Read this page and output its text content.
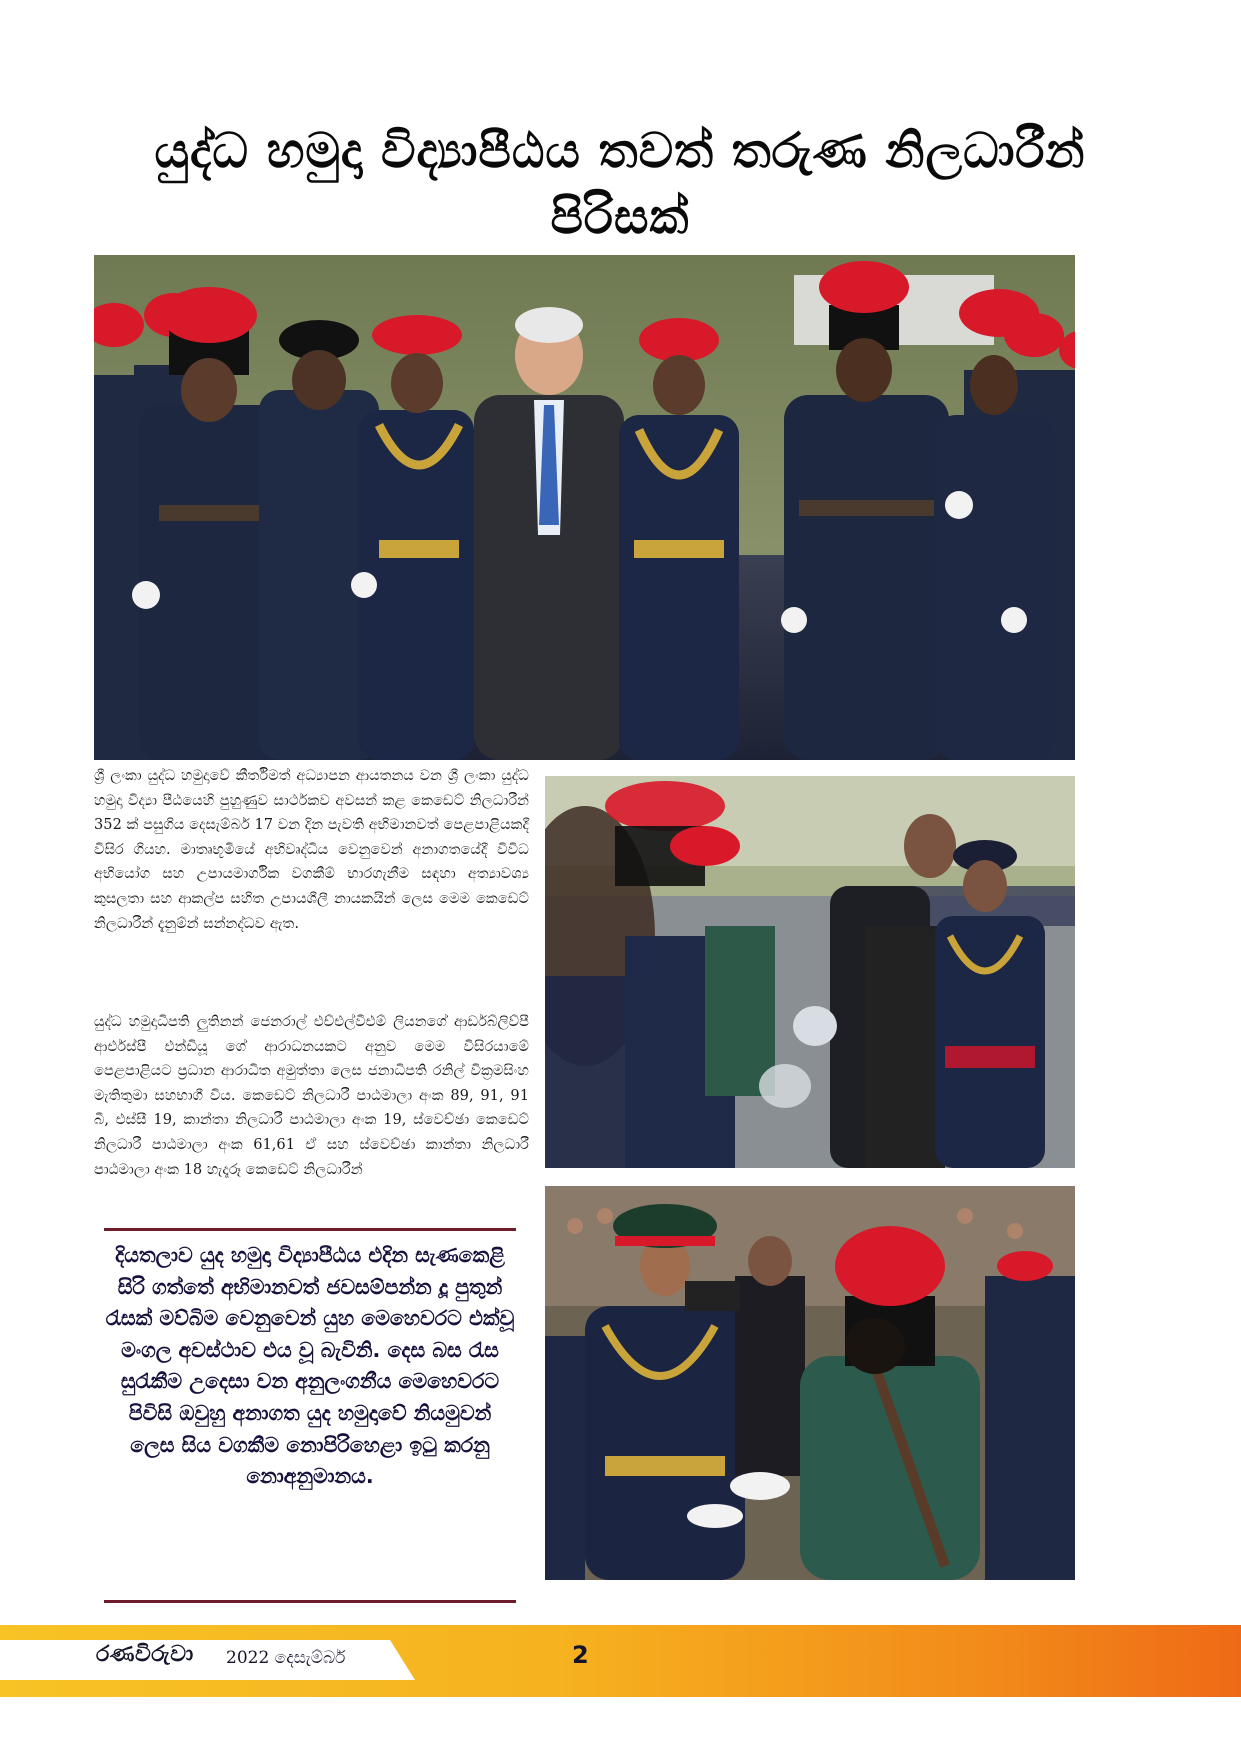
යුද්ධ හමුදා විද්‍යාපීඨය තවත් තරුණ නිලධාරීන් පිරිසක්

ශ්‍රී ලංකා යුද්ධ හමුදාවේ කීර්තිමත් අධ්‍යාපන ආයතනය වන ශ්‍රී ලංකා යුද්ධ හමුදා විද්‍යා පීඨයෙහි පුහුණුව සාර්ථකව අවසන් කළ කෙඩෙට් නිලධාරීන් 352 ක් පසුගිය දෙසැම්බර් 17 වන දින පැවති අභිමානවත් පෙළපාළියකදී විසිර ගියහ. මාතෘභූමියේ අභිවෘද්ධිය වෙනුවෙන් අනාගතයේදී විවිධ අභියෝග සහ උපායමාර්ගික වගකීම් භාරගැනීම සඳහා අත්‍යාවශ්‍ය කුසලතා සහ ආකල්ප සහිත උපායශීලී නායකයින් ලෙස මෙම කෙඩෙට් නිලධාරීන් දැනුම්න් සන්නද්ධව ඇත.

යුද්ධ හමුදාධිපති ලුතිනන් ජෙනරාල් එච්එල්වීඑම් ලියනගේ ආර්ඩබ්ලිව්පී ආර්එස්පී එන්ඩියූ ගේ ආරාධනයකට අනුව මෙම විසිරයාමේ පෙළපාළියට ප්‍රධාන ආරාධිත අමුත්තා ලෙස ජනාධිපති රනිල් වික්‍රමසිංහ මැතිතුමා සහභාගී විය. කෙඩෙට් නිලධාරී පාඨමාලා අංක 89, 91, 91 බී, එස්සී 19, කාන්තා නිලධාරී පාඨමාලා අංක 19, ස්වෙච්ඡා කෙඩෙට් නිලධාරී පාඨමාලා අංක 61,61 ඒ සහ ස්වෙච්ඡා කාන්තා නිලධාරී පාඨමාලා අංක 18 හැදෑරූ කෙඩෙට් නිලධාරීන්

දියතලාව යුද හමුදා විද්‍යාපීඨය එදින සැණකෙළි සිරි ගත්තේ අභිමානවත් ජවසම්පන්න දූ පුතුන් රැසක් මව්බිම වෙනුවෙන් යුහ මෙහෙවරට එක්වූ මංගල අවස්ථාව එය වූ බැවිනි. දෙස බස රැස සුරැකීම උදෙසා වන අනුලංගනීය මෙහෙවරට පිවිසි ඔවුහු අනාගත යුද හමුදාවේ නියමුවන් ලෙස සිය වගකීම නොපිරිහෙළා ඉටු කරනු නොඅනුමානය.

රණවිරුවා 2022 දෙසැම්බර්	2
